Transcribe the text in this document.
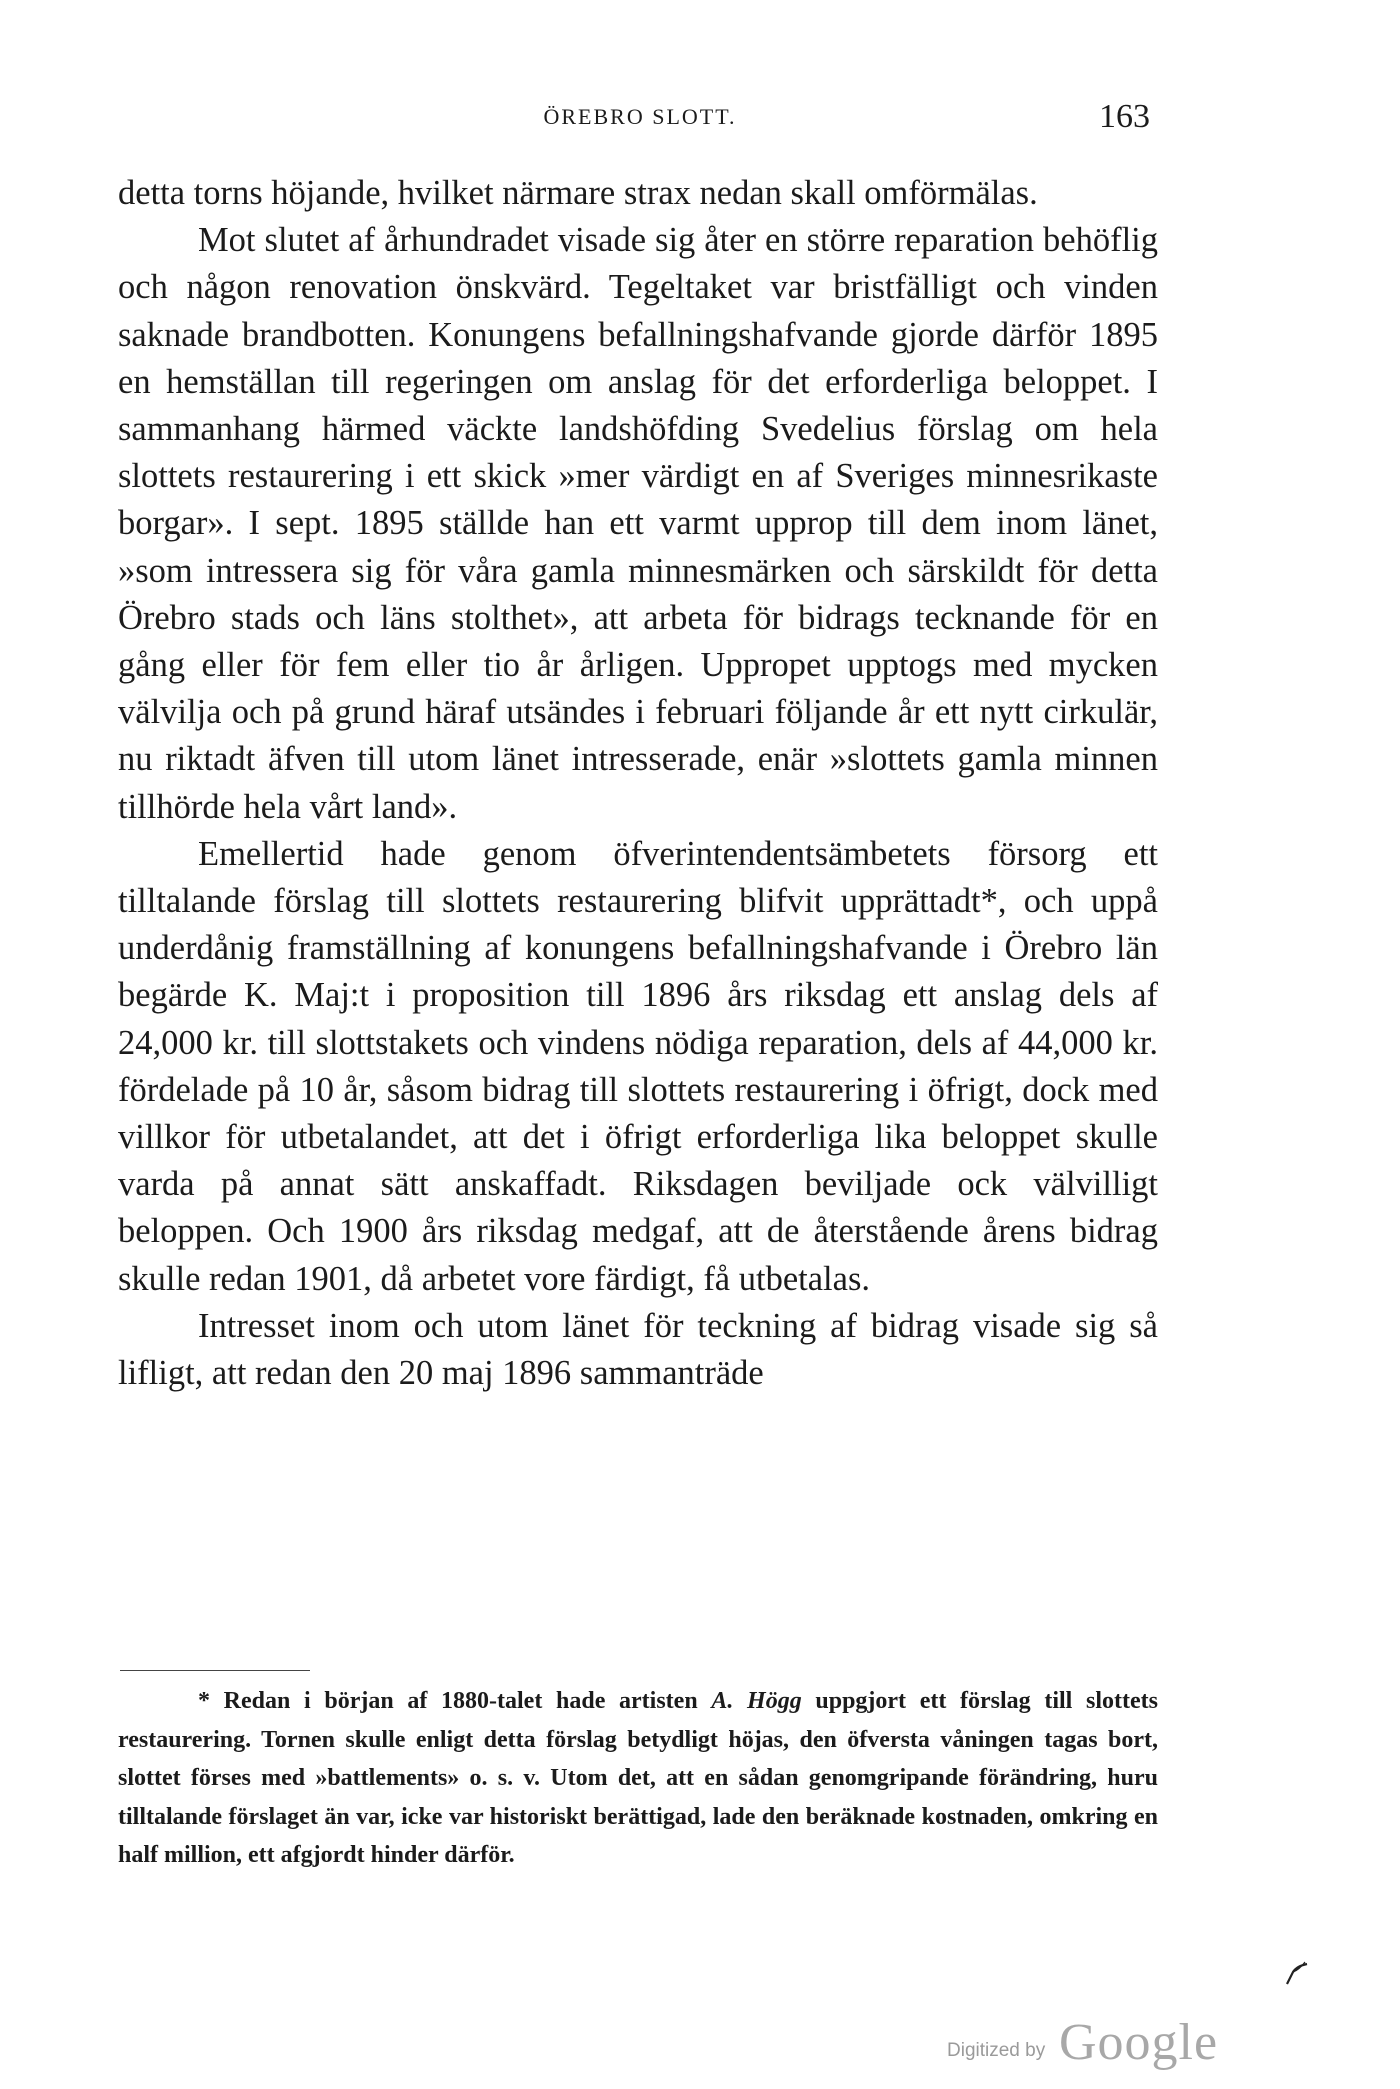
ÖREBRO SLOTT.	163

detta torns höjande, hvilket närmare strax nedan skall omförmälas.

Mot slutet af århundradet visade sig åter en större reparation behöflig och någon renovation önskvärd. Tegeltaket var bristfälligt och vinden saknade brandbotten. Konungens befallningshafvande gjorde därför 1895 en hemställan till regeringen om anslag för det erforderliga beloppet. I sammanhang härmed väckte landshöfding Svedelius förslag om hela slottets restaurering i ett skick »mer värdigt en af Sveriges minnesrikaste borgar». I sept. 1895 ställde han ett varmt upprop till dem inom länet, »som intressera sig för våra gamla minnesmärken och särskildt för detta Örebro stads och läns stolthet», att arbeta för bidrags tecknande för en gång eller för fem eller tio år årligen. Uppropet upptogs med mycken välvilja och på grund häraf utsändes i februari följande år ett nytt cirkulär, nu riktadt äfven till utom länet intresserade, enär »slottets gamla minnen tillhörde hela vårt land».

Emellertid hade genom öfverintendentsämbetets försorg ett tilltalande förslag till slottets restaurering blifvit upprättadt*, och uppå underdånig framställning af konungens befallningshafvande i Örebro län begärde K. Maj:t i proposition till 1896 års riksdag ett anslag dels af 24,000 kr. till slottstakets och vindens nödiga reparation, dels af 44,000 kr. fördelade på 10 år, såsom bidrag till slottets restaurering i öfrigt, dock med villkor för utbetalandet, att det i öfrigt erforderliga lika beloppet skulle varda på annat sätt anskaffadt. Riksdagen beviljade ock välvilligt beloppen. Och 1900 års riksdag medgaf, att de återstående årens bidrag skulle redan 1901, då arbetet vore färdigt, få utbetalas.

Intresset inom och utom länet för teckning af bidrag visade sig så lifligt, att redan den 20 maj 1896 sammanträde

* Redan i början af 1880-talet hade artisten A. Högg uppgjort ett förslag till slottets restaurering. Tornen skulle enligt detta förslag betydligt höjas, den öfversta våningen tagas bort, slottet förses med »battlements» o. s. v. Utom det, att en sådan genomgripande förändring, huru tilltalande förslaget än var, icke var historiskt berättigad, lade den beräknade kostnaden, omkring en half million, ett afgjordt hinder därför.

Digitized by Google
